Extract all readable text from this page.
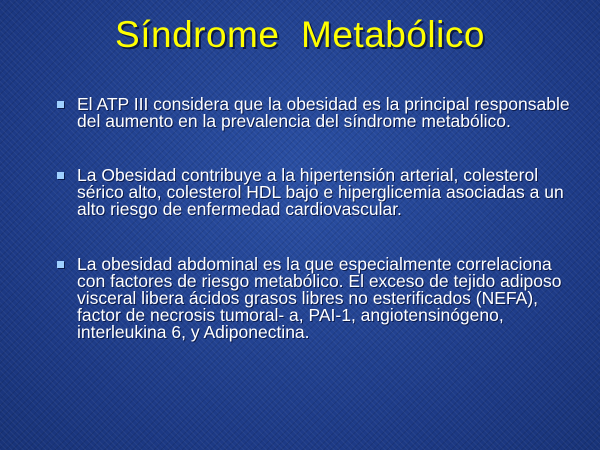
Síndrome  Metabólico
El ATP III considera que la obesidad es la principal responsable del aumento en la prevalencia del síndrome metabólico.
La Obesidad contribuye a la hipertensión arterial, colesterol sérico alto, colesterol HDL bajo e hiperglicemia asociadas a un alto riesgo de enfermedad cardiovascular.
La obesidad abdominal es la que especialmente correlaciona con factores de riesgo metabólico. El exceso de tejido adiposo visceral libera ácidos grasos libres no esterificados (NEFA), factor de necrosis tumoral- a, PAI-1, angiotensinógeno, interleukina 6, y Adiponectina.
